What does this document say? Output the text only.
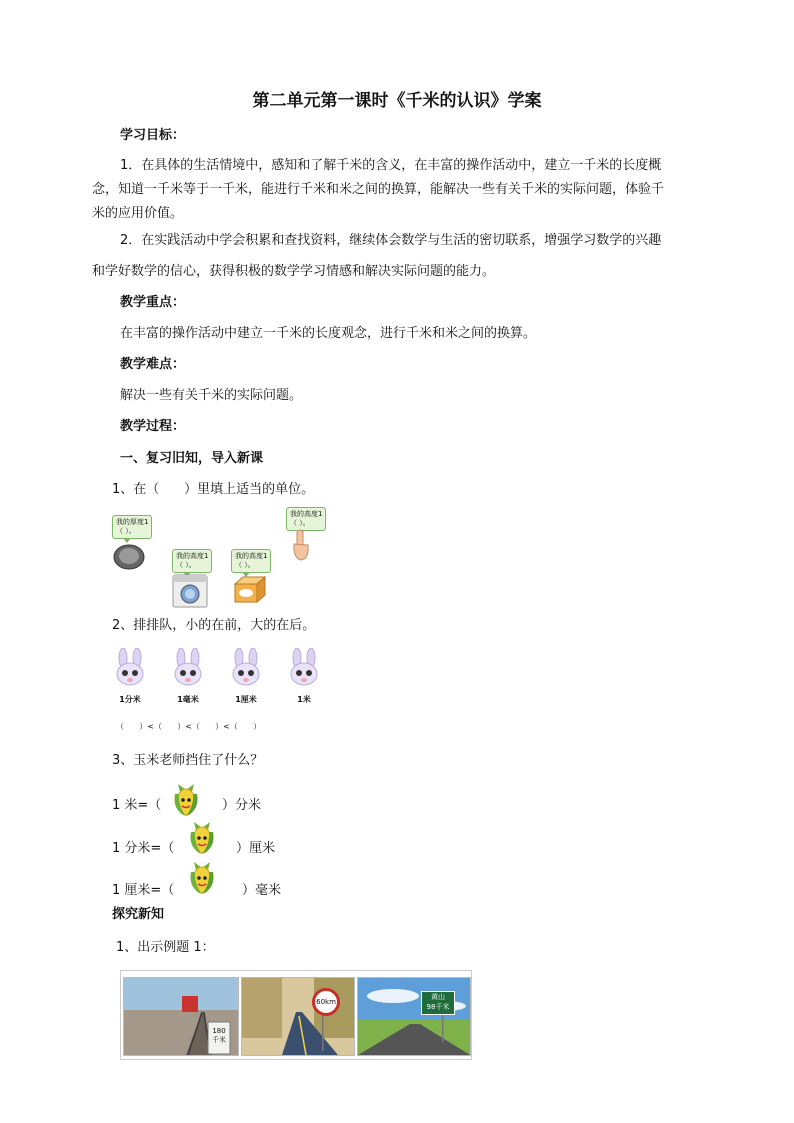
第二单元第一课时《千米的认识》学案
学习目标：
1．在具体的生活情境中，感知和了解千米的含义，在丰富的操作活动中，建立一千米的长度概
念，知道一千米等于一千米，能进行千米和米之间的换算，能解决一些有关千米的实际问题，体验千
米的应用价值。
2．在实践活动中学会积累和查找资料，继续体会数学与生活的密切联系，增强学习数学的兴趣
和学好数学的信心，获得积极的数学学习情感和解决实际问题的能力。
教学重点：
在丰富的操作活动中建立一千米的长度观念，进行千米和米之间的换算。
教学难点：
解决一些有关千米的实际问题。
教学过程：
一、复习旧知，导入新课
1、在（      ）里填上适当的单位。
我的厚度1
（ ）。
我的高度1
（ ）。
我的高度1
（ ）。
我的高度1
（ ）。
2、排排队，小的在前，大的在后。
1分米	1毫米	1厘米	1米
（      ）<（      ）<（      ）<（      ）
3、玉米老师挡住了什么？
1 米=（	）分米
1 分米=（	）厘米
1 厘米=（	）毫米
探究新知
1、出示例题 1：
180
千米
60km
黄山
98千米
